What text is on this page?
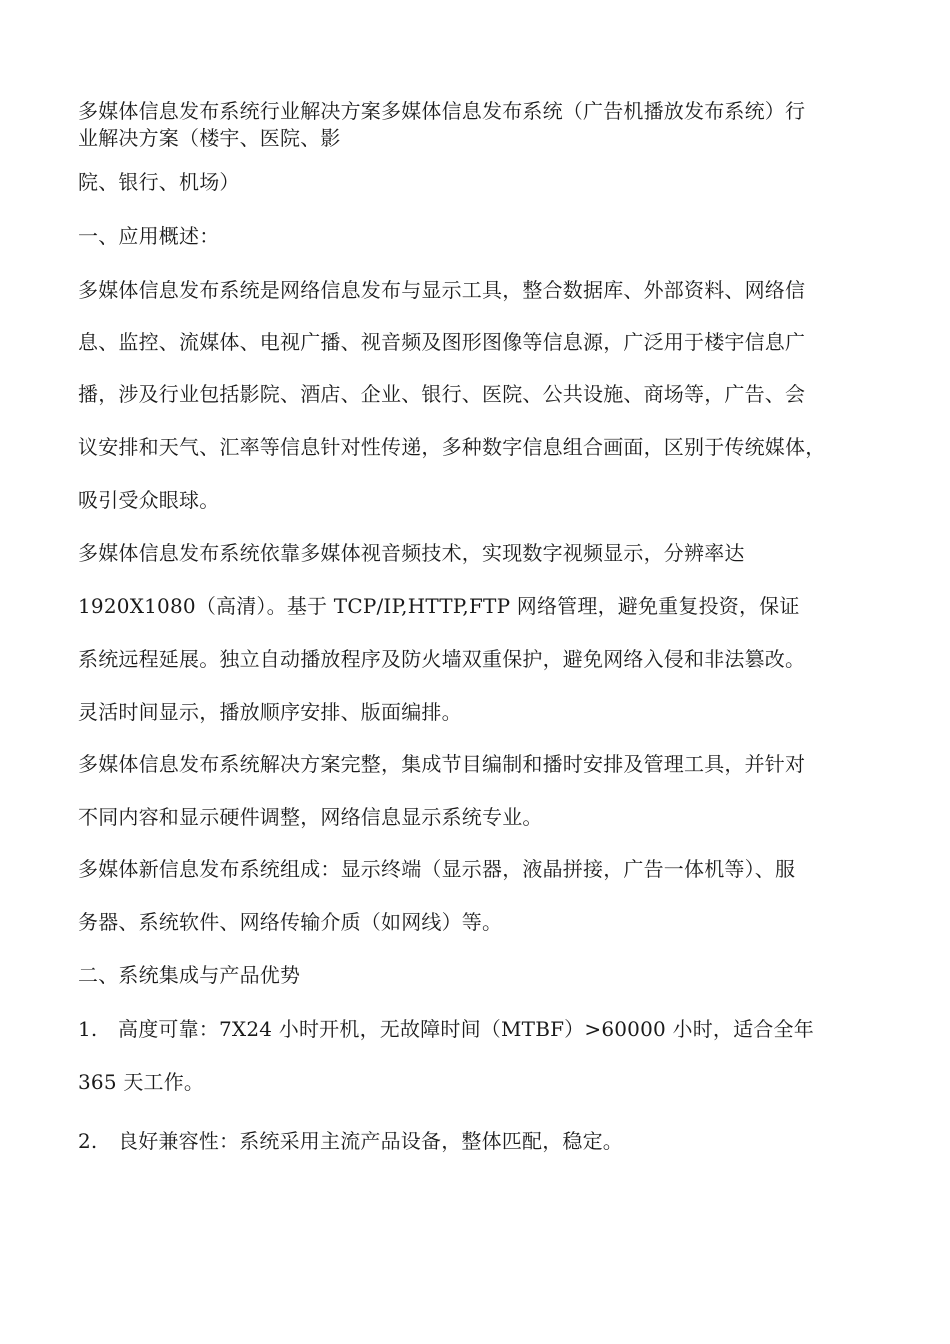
多媒体信息发布系统行业解决方案多媒体信息发布系统（广告机播放发布系统）行

业解决方案（楼宇、医院、影

院、银行、机场）

一、应用概述：

多媒体信息发布系统是网络信息发布与显示工具，整合数据库、外部资料、网络信

息、监控、流媒体、电视广播、视音频及图形图像等信息源，广泛用于楼宇信息广

播，涉及行业包括影院、酒店、企业、银行、医院、公共设施、商场等，广告、会

议安排和天气、汇率等信息针对性传递，多种数字信息组合画面，区别于传统媒体，

吸引受众眼球。

多媒体信息发布系统依靠多媒体视音频技术，实现数字视频显示，分辨率达

1920X1080（高清）。基于 TCP/IP,HTTP,FTP 网络管理，避免重复投资，保证

系统远程延展。独立自动播放程序及防火墙双重保护，避免网络入侵和非法篡改。

灵活时间显示，播放顺序安排、版面编排。

多媒体信息发布系统解决方案完整，集成节目编制和播时安排及管理工具，并针对

不同内容和显示硬件调整，网络信息显示系统专业。

多媒体新信息发布系统组成：显示终端（显示器，液晶拼接，广告一体机等）、服

务器、系统软件、网络传输介质（如网线）等。

二、系统集成与产品优势

1. 高度可靠：7X24 小时开机，无故障时间（MTBF）>60000 小时，适合全年

365 天工作。

2. 良好兼容性：系统采用主流产品设备，整体匹配，稳定。
